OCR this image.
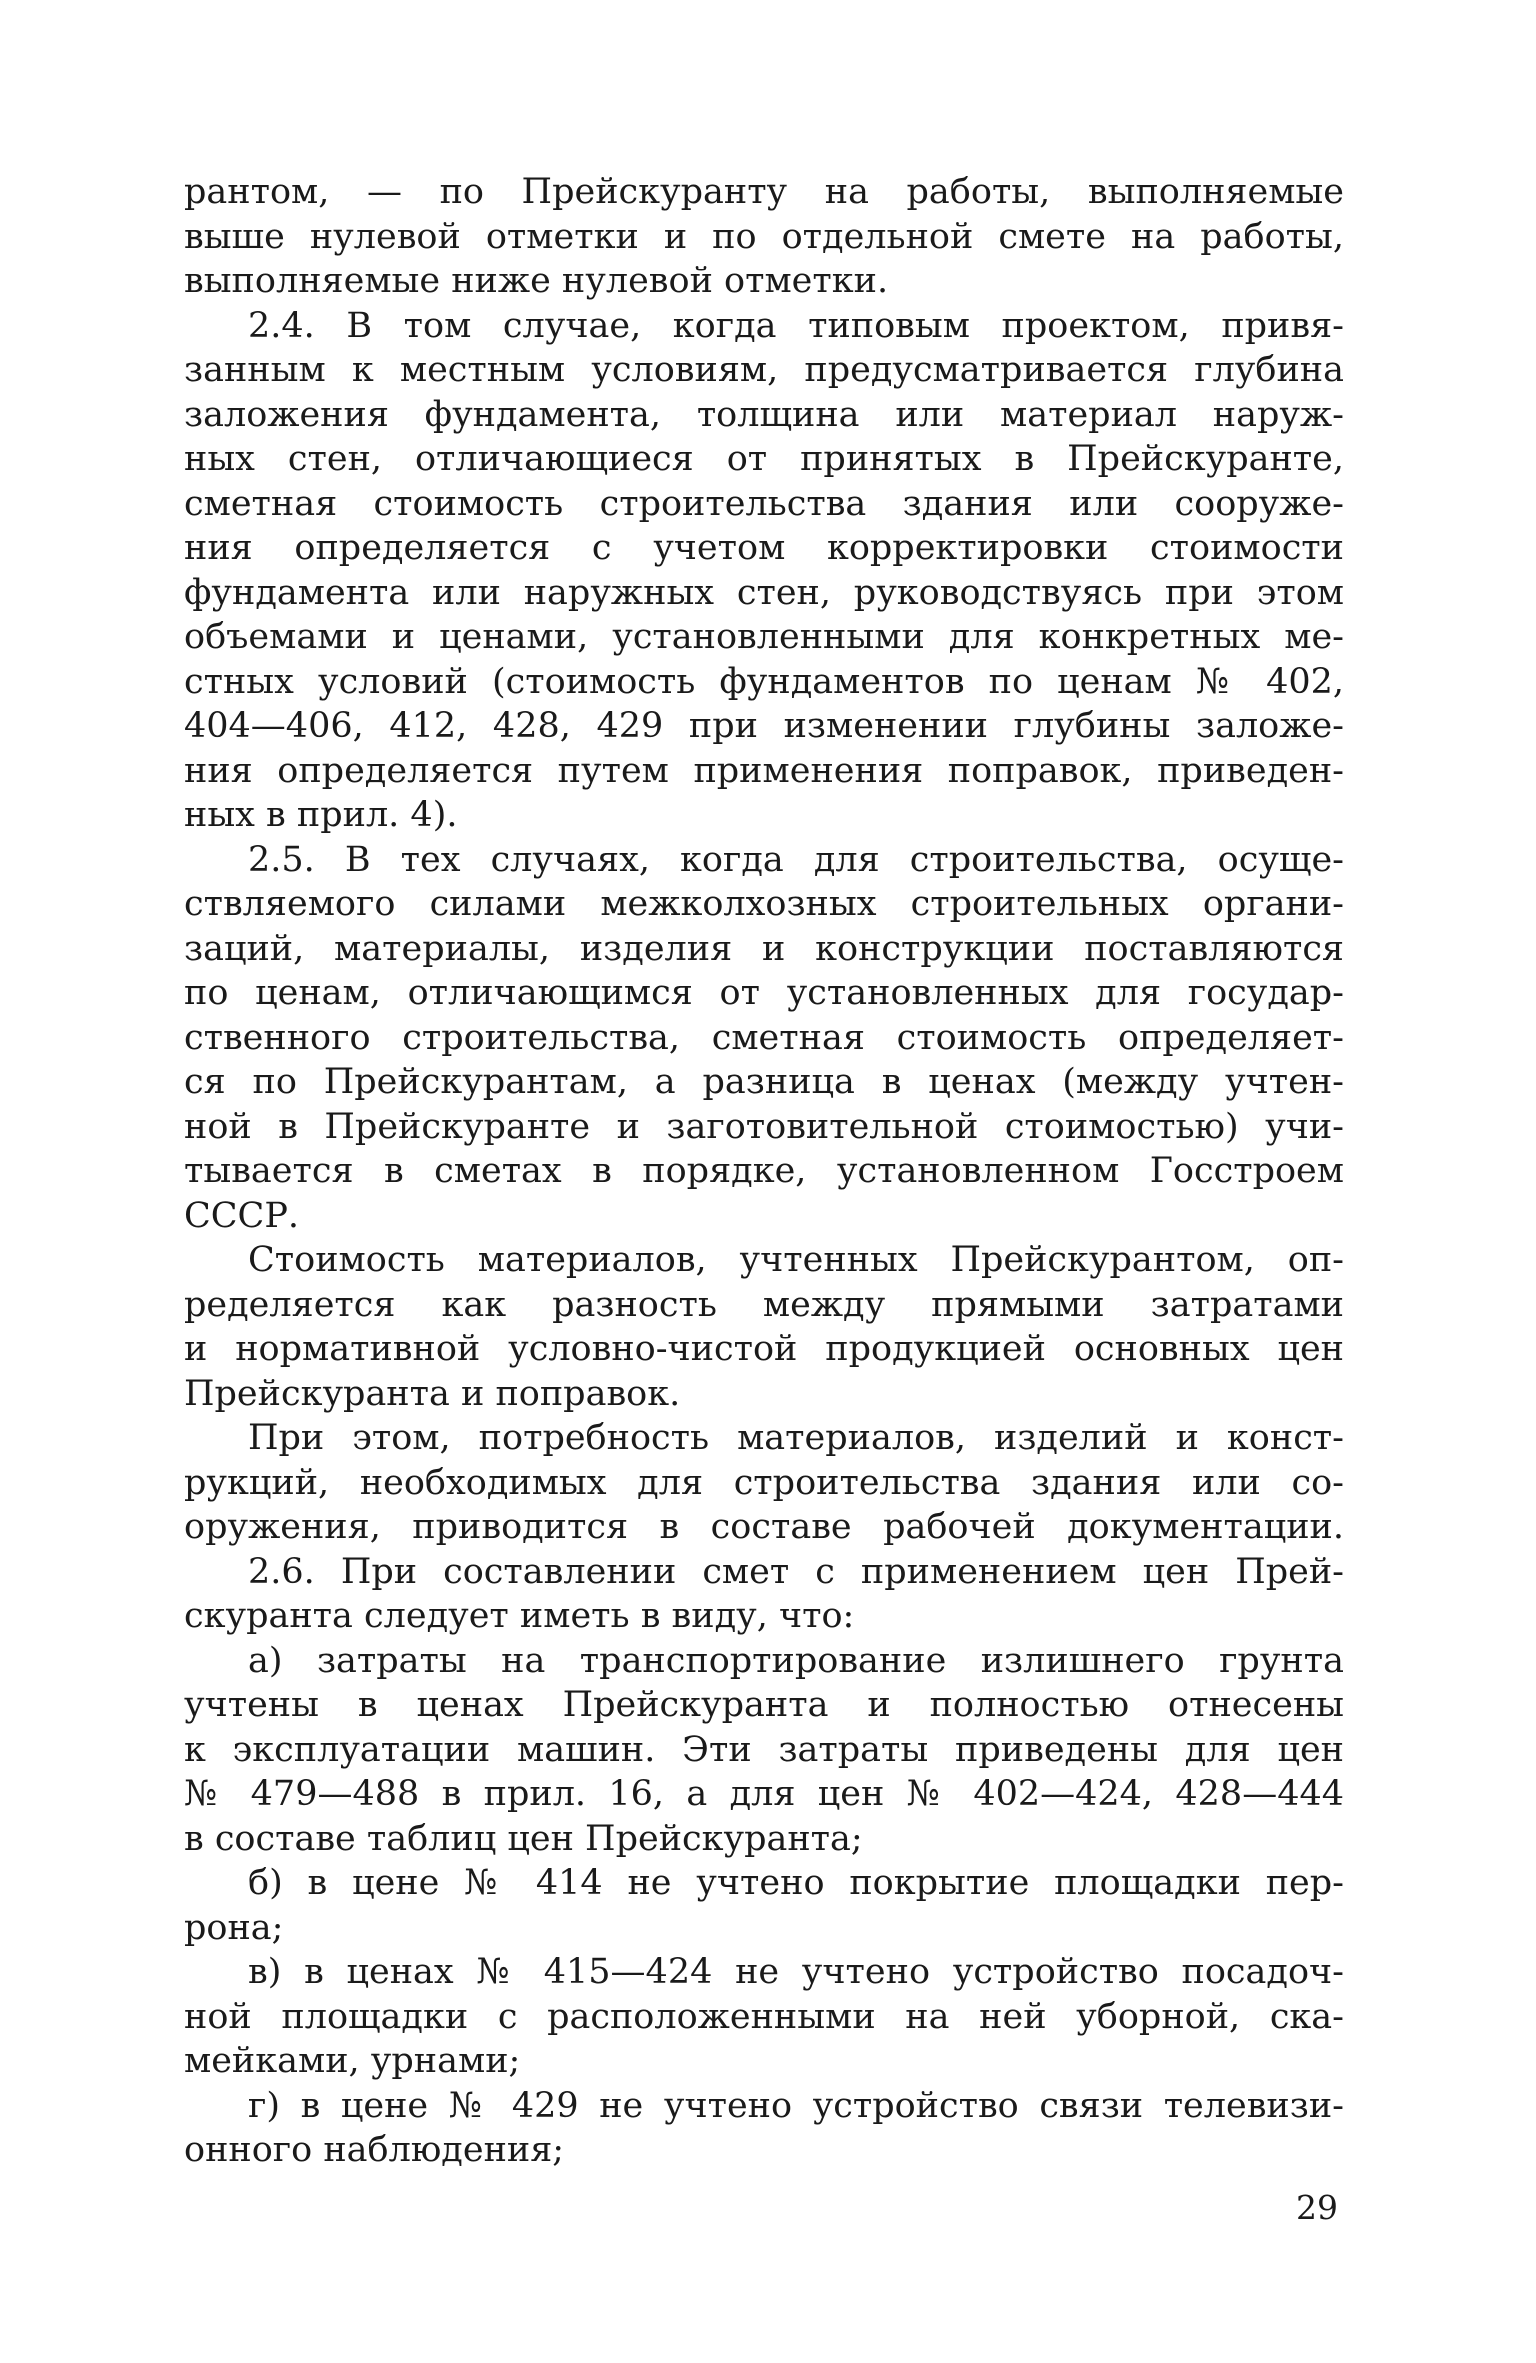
рантом, — по Прейскуранту на работы, выполняемые
выше нулевой отметки и по отдельной смете на работы,
выполняемые ниже нулевой отметки.
2.4. В том случае, когда типовым проектом, привя-
занным к местным условиям, предусматривается глубина
заложения фундамента, толщина или материал наруж-
ных стен, отличающиеся от принятых в Прейскуранте,
сметная стоимость строительства здания или сооруже-
ния определяется с учетом корректировки стоимости
фундамента или наружных стен, руководствуясь при этом
объемами и ценами, установленными для конкретных ме-
стных условий (стоимость фундаментов по ценам № 402,
404—406, 412, 428, 429 при изменении глубины заложе-
ния определяется путем применения поправок, приведен-
ных в прил. 4).
2.5. В тех случаях, когда для строительства, осуще-
ствляемого силами межколхозных строительных органи-
заций, материалы, изделия и конструкции поставляются
по ценам, отличающимся от установленных для государ-
ственного строительства, сметная стоимость определяет-
ся по Прейскурантам, а разница в ценах (между учтен-
ной в Прейскуранте и заготовительной стоимостью) учи-
тывается в сметах в порядке, установленном Госстроем
СССР.
Стоимость материалов, учтенных Прейскурантом, оп-
ределяется как разность между прямыми затратами
и нормативной условно-чистой продукцией основных цен
Прейскуранта и поправок.
При этом, потребность материалов, изделий и конст-
рукций, необходимых для строительства здания или со-
оружения, приводится в составе рабочей документации.
2.6. При составлении смет с применением цен Прей-
скуранта следует иметь в виду, что:
а) затраты на транспортирование излишнего грунта
учтены в ценах Прейскуранта и полностью отнесены
к эксплуатации машин. Эти затраты приведены для цен
№ 479—488 в прил. 16, а для цен № 402—424, 428—444
в составе таблиц цен Прейскуранта;
б) в цене № 414 не учтено покрытие площадки пер-
рона;
в) в ценах № 415—424 не учтено устройство посадоч-
ной площадки с расположенными на ней уборной, ска-
мейками, урнами;
г) в цене № 429 не учтено устройство связи телевизи-
онного наблюдения;
29
